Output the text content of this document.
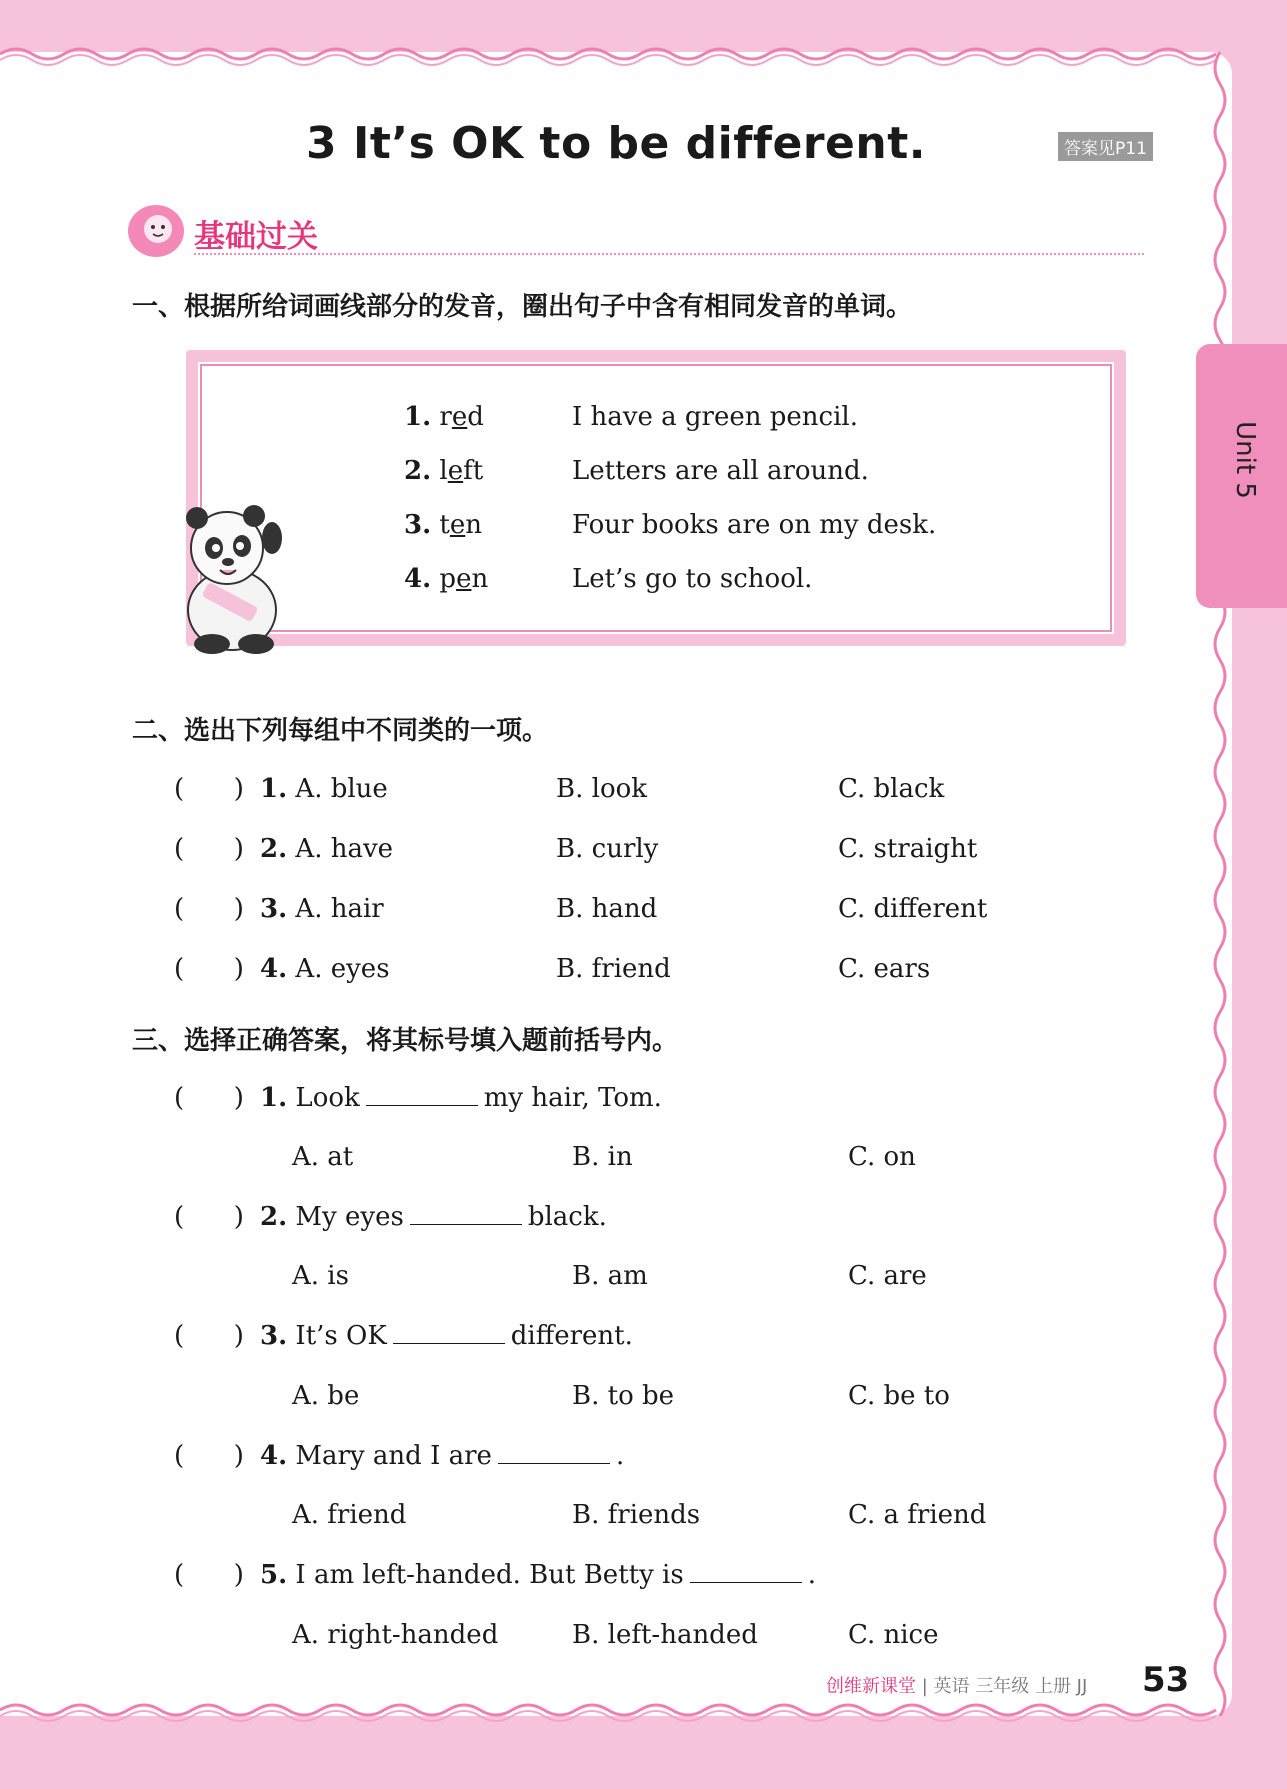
Unit 5
3 It’s OK to be different.	答案见P11
基础过关
一、根据所给词画线部分的发音，圈出句子中含有相同发音的单词。
1. red	I have a green pencil.
2. left	Letters are all around.
3. ten	Four books are on my desk.
4. pen	Let’s go to school.
二、选出下列每组中不同类的一项。
(      ) 1. A. blue	B. look	C. black
(      ) 2. A. have	B. curly	C. straight
(      ) 3. A. hair	B. hand	C. different
(      ) 4. A. eyes	B. friend	C. ears
三、选择正确答案，将其标号填入题前括号内。
(      ) 1. Look	my hair, Tom.
A. at	B. in	C. on
(      ) 2. My eyes	black.
A. is	B. am	C. are
(      ) 3. It’s OK	different.
A. be	B. to be	C. be to
(      ) 4. Mary and I are	.
A. friend	B. friends	C. a friend
(      ) 5. I am left-handed. But Betty is	.
A. right-handed	B. left-handed	C. nice
创维新课堂 | 英语 三年级 上册 JJ 53
